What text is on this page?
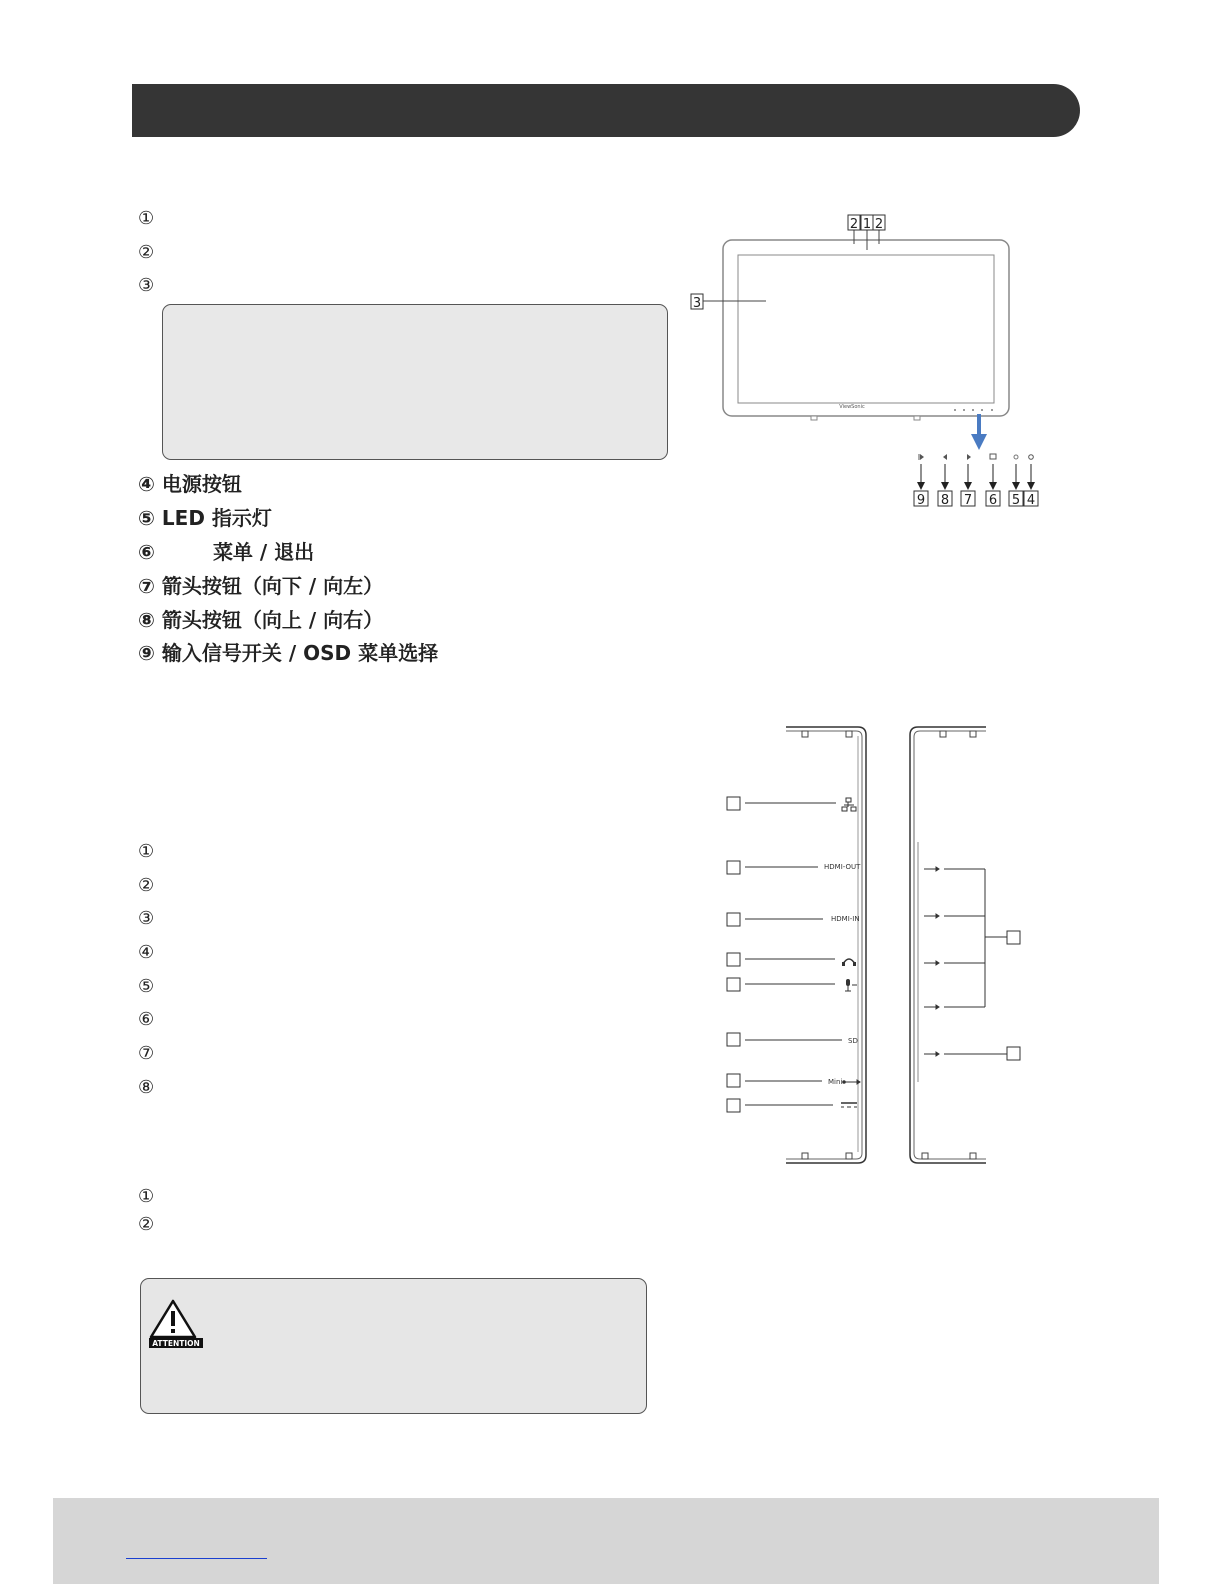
①
②
③
④ 电源按钮
⑤ LED 指示灯
⑥	菜单 / 退出
⑦ 箭头按钮（向下 / 向左）
⑧ 箭头按钮（向上 / 向右）
⑨ 输入信号开关 / OSD 菜单选择
①
②
③
④
⑤
⑥
⑦
⑧
①
②
ATTENTION
ViewSonic
2 1 2
3
9 8 7 6 5 4
HDMI-OUT
HDMI-IN
SD
Mini
